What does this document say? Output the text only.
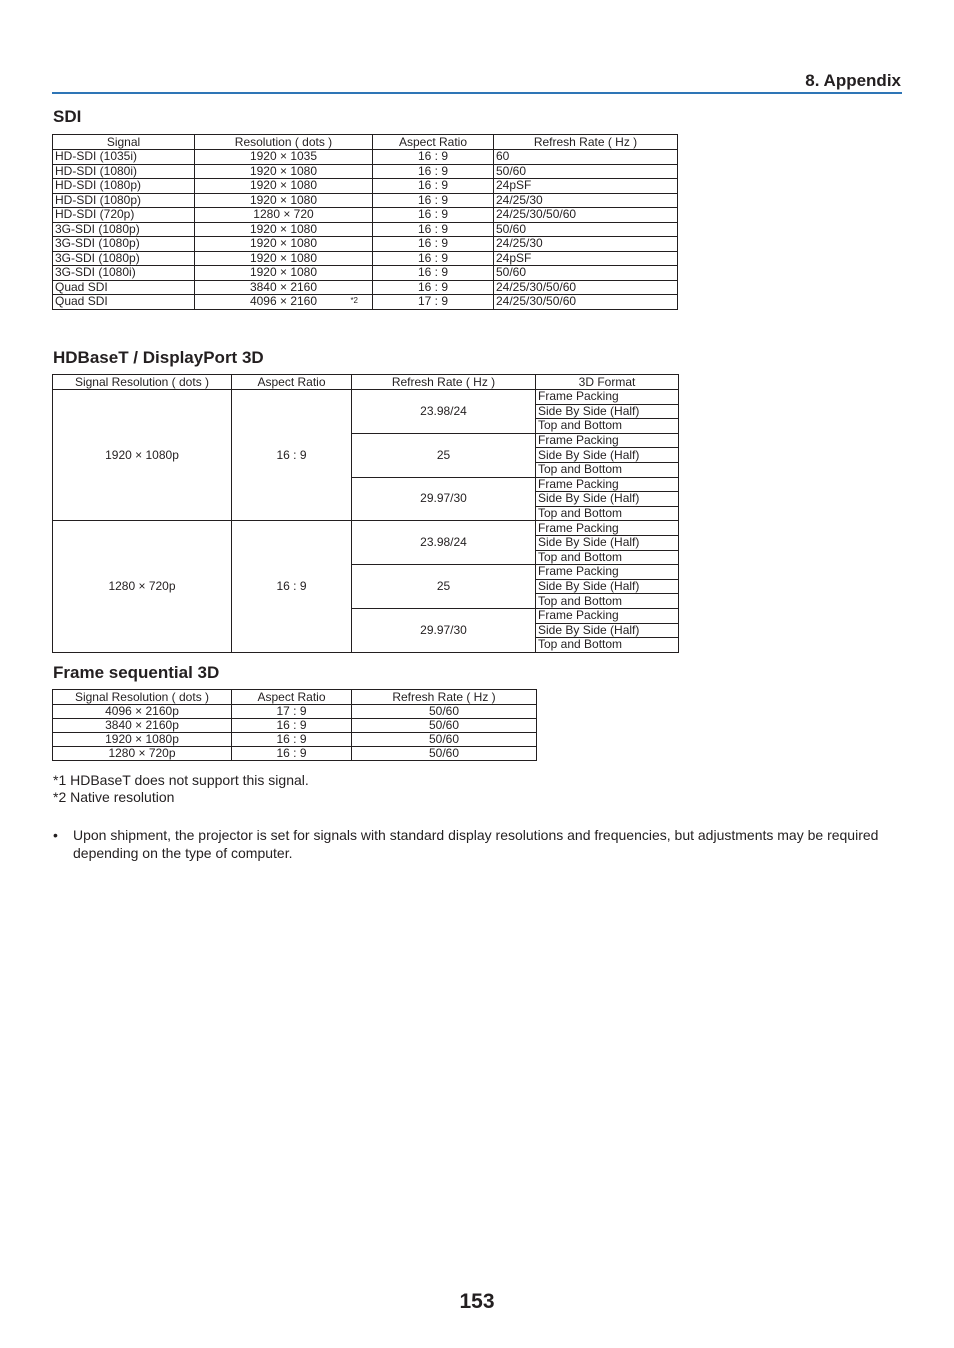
8. Appendix
SDI
Signal	Resolution ( dots )	Aspect Ratio	Refresh Rate ( Hz )
HD-SDI (1035i)	1920 × 1035	16 : 9	60
HD-SDI (1080i)	1920 × 1080	16 : 9	50/60
HD-SDI (1080p)	1920 × 1080	16 : 9	24pSF
HD-SDI (1080p)	1920 × 1080	16 : 9	24/25/30
HD-SDI (720p)	1280 × 720	16 : 9	24/25/30/50/60
3G-SDI (1080p)	1920 × 1080	16 : 9	50/60
3G-SDI (1080p)	1920 × 1080	16 : 9	24/25/30
3G-SDI (1080p)	1920 × 1080	16 : 9	24pSF
3G-SDI (1080i)	1920 × 1080	16 : 9	50/60
Quad SDI	3840 × 2160	16 : 9	24/25/30/50/60
Quad SDI	4096 × 2160 *2	17 : 9	24/25/30/50/60
HDBaseT / DisplayPort 3D
Signal Resolution ( dots )	Aspect Ratio	Refresh Rate ( Hz )	3D Format
1920 × 1080p	16 : 9	23.98/24	Frame Packing
			Side By Side (Half)
			Top and Bottom
		25	Frame Packing
			Side By Side (Half)
			Top and Bottom
		29.97/30	Frame Packing
			Side By Side (Half)
			Top and Bottom
1280 × 720p	16 : 9	23.98/24	Frame Packing
			Side By Side (Half)
			Top and Bottom
		25	Frame Packing
			Side By Side (Half)
			Top and Bottom
		29.97/30	Frame Packing
			Side By Side (Half)
			Top and Bottom
Frame sequential 3D
Signal Resolution ( dots )	Aspect Ratio	Refresh Rate ( Hz )
4096 × 2160p	17 : 9	50/60
3840 × 2160p	16 : 9	50/60
1920 × 1080p	16 : 9	50/60
1280 × 720p	16 : 9	50/60
*1 HDBaseT does not support this signal.
*2 Native resolution
• Upon shipment, the projector is set for signals with standard display resolutions and frequencies, but adjustments may be required depending on the type of computer.
153
